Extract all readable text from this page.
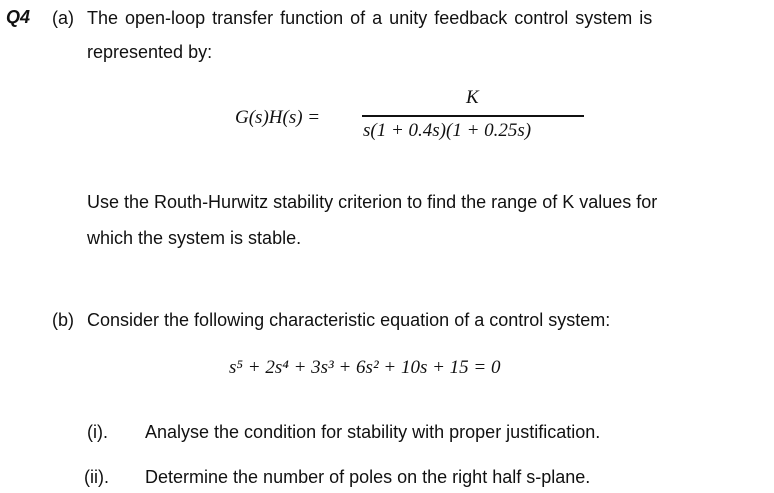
Q4 (a) The open-loop transfer function of a unity feedback control system is
represented by:
G(s)H(s) =
K
s(1 + 0.4s)(1 + 0.25s)
Use the Routh-Hurwitz stability criterion to find the range of K values for
which the system is stable.
(b) Consider the following characteristic equation of a control system:
s⁵ + 2s⁴ + 3s³ + 6s² + 10s + 15 = 0
(i). Analyse the condition for stability with proper justification.
(ii). Determine the number of poles on the right half s-plane.
